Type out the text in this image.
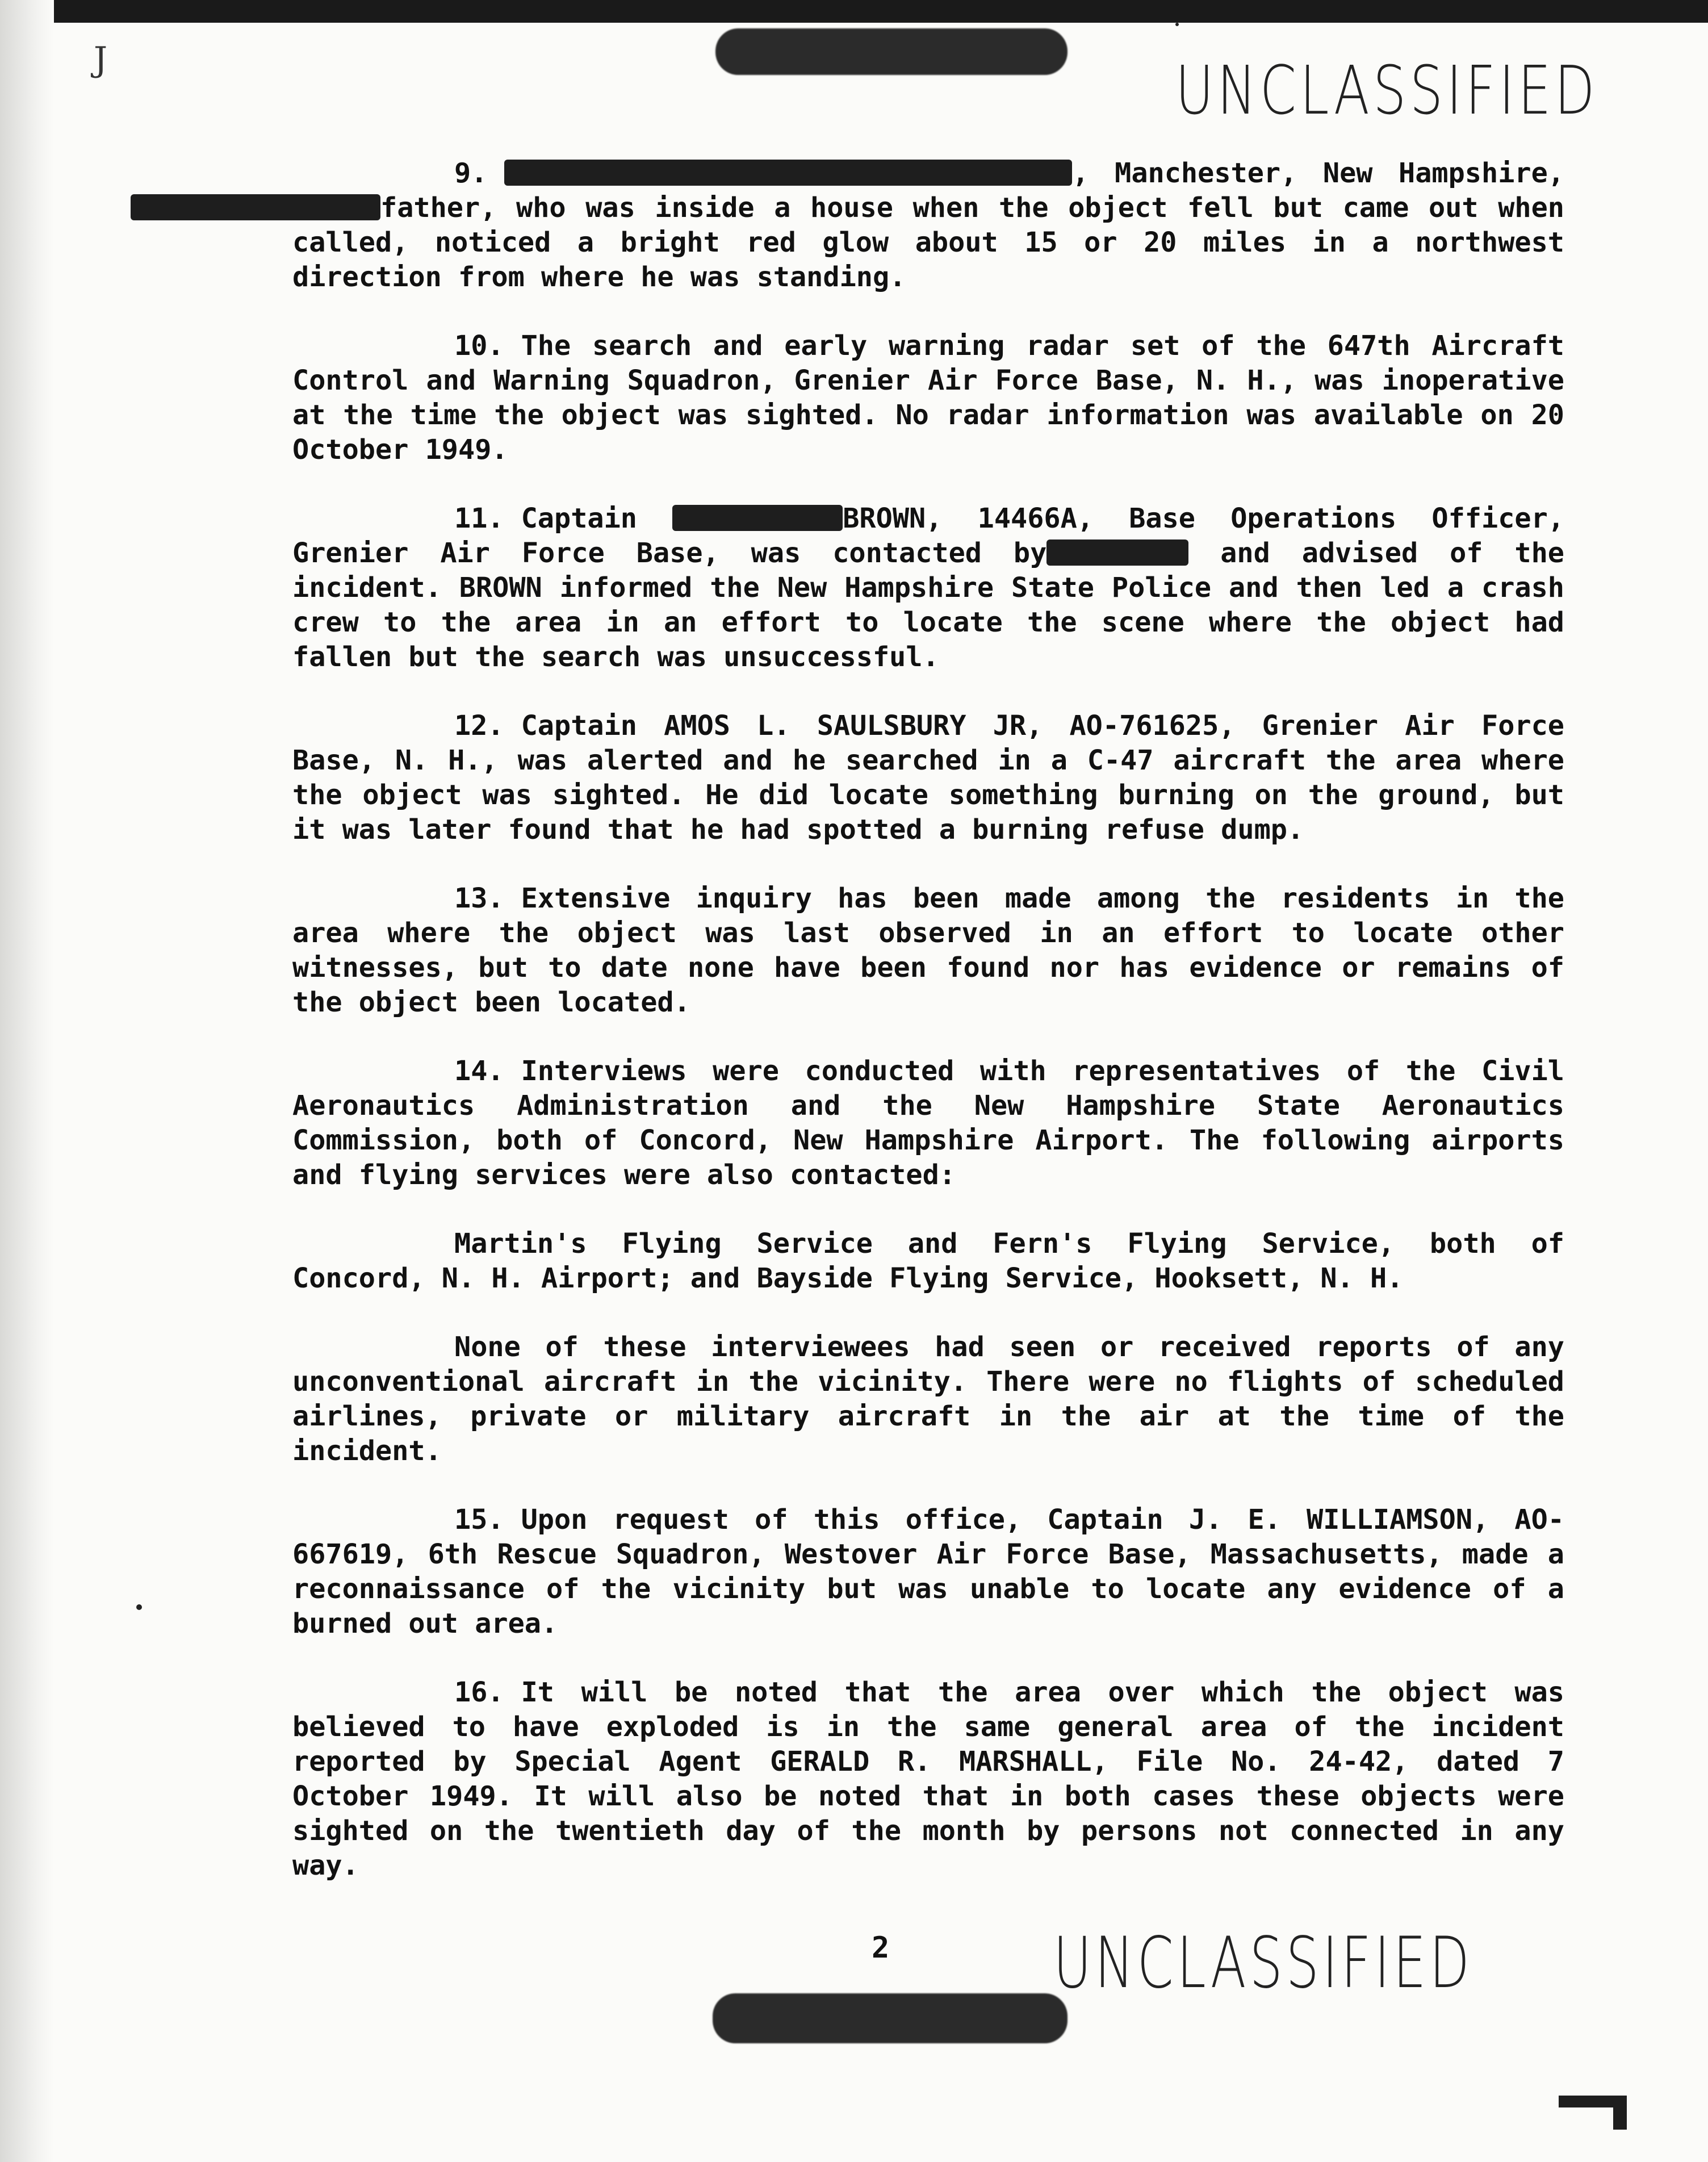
J	UNCLASSIFIED

9.	, Manchester, New Hampshire, father, who was inside a house when the object fell but came out when called, noticed a bright red glow about 15 or 20 miles in a northwest direction from where he was standing.

10. The search and early warning radar set of the 647th Aircraft Control and Warning Squadron, Grenier Air Force Base, N. H., was inoperative at the time the object was sighted. No radar information was available on 20 October 1949.

11. Captain	BROWN, 14466A, Base Operations Officer, Grenier Air Force Base, was contacted by	and advised of the incident. BROWN informed the New Hampshire State Police and then led a crash crew to the area in an effort to locate the scene where the object had fallen but the search was unsuccessful.

12. Captain AMOS L. SAULSBURY JR, AO-761625, Grenier Air Force Base, N. H., was alerted and he searched in a C-47 aircraft the area where the object was sighted. He did locate something burning on the ground, but it was later found that he had spotted a burning refuse dump.

13. Extensive inquiry has been made among the residents in the area where the object was last observed in an effort to locate other witnesses, but to date none have been found nor has evidence or remains of the object been located.

14. Interviews were conducted with representatives of the Civil Aeronautics Administration and the New Hampshire State Aeronautics Commission, both of Concord, New Hampshire Airport. The following airports and flying services were also contacted:

Martin's Flying Service and Fern's Flying Service, both of Concord, N. H. Airport; and Bayside Flying Service, Hooksett, N. H.

None of these interviewees had seen or received reports of any unconventional aircraft in the vicinity. There were no flights of scheduled airlines, private or military aircraft in the air at the time of the incident.

15. Upon request of this office, Captain J. E. WILLIAMSON, AO-667619, 6th Rescue Squadron, Westover Air Force Base, Massachusetts, made a reconnaissance of the vicinity but was unable to locate any evidence of a burned out area.

16. It will be noted that the area over which the object was believed to have exploded is in the same general area of the incident reported by Special Agent GERALD R. MARSHALL, File No. 24-42, dated 7 October 1949. It will also be noted that in both cases these objects were sighted on the twentieth day of the month by persons not connected in any way.

2 UNCLASSIFIED
